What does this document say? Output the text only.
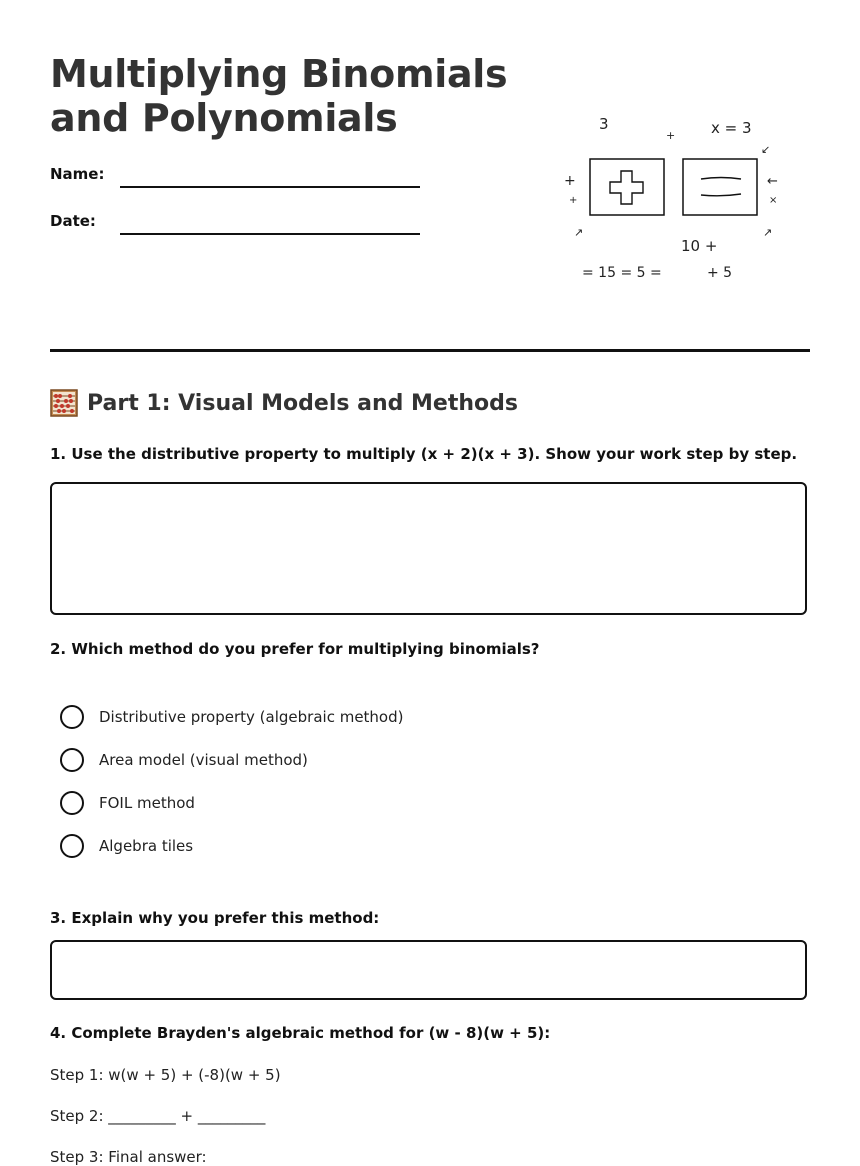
Multiplying Binomials
and Polynomials
Name:
Date:
3
+ x = 3
+
+
←
×
↙
↗	↗
10 +
= 15 = 5 =	+ 5
Part 1: Visual Models and Methods
1. Use the distributive property to multiply (x + 2)(x + 3). Show your work step by step.
2. Which method do you prefer for multiplying binomials?
Distributive property (algebraic method)
Area model (visual method)
FOIL method
Algebra tiles
3. Explain why you prefer this method:
4. Complete Brayden's algebraic method for (w - 8)(w + 5):
Step 1: w(w + 5) + (-8)(w + 5)
Step 2: _________ + _________
Step 3: Final answer:
